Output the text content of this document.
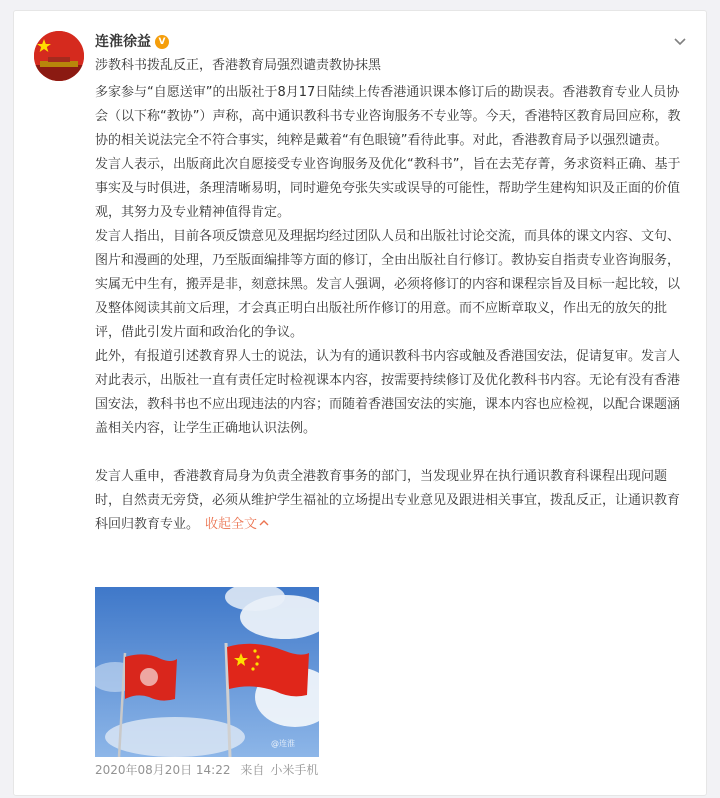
连淮徐益 V
涉教科书拨乱反正，香港教育局强烈谴责教协抹黑

多家参与“自愿送审”的出版社于8月17日陆续上传香港通识课本修订后的勘误表。香港教育专业人员协会（以下称“教协”）声称，高中通识教科书专业咨询服务不专业等。今天，香港特区教育局回应称，教协的相关说法完全不符合事实，纯粹是戴着“有色眼镜”看待此事。对此，香港教育局予以强烈谴责。

发言人表示，出版商此次自愿接受专业咨询服务及优化“教科书”，旨在去芜存菁，务求资料正确、基于事实及与时俱进，条理清晰易明，同时避免夸张失实或误导的可能性，帮助学生建构知识及正面的价值观，其努力及专业精神值得肯定。

发言人指出，目前各项反馈意见及理据均经过团队人员和出版社讨论交流，而具体的课文内容、文句、图片和漫画的处理，乃至版面编排等方面的修订，全由出版社自行修订。教协妄自指责专业咨询服务，实属无中生有，搬弄是非，刻意抹黑。发言人强调，必须将修订的内容和课程宗旨及目标一起比较，以及整体阅读其前文后理，才会真正明白出版社所作修订的用意。而不应断章取义，作出无的放矢的批评，借此引发片面和政治化的争议。

此外，有报道引述教育界人士的说法，认为有的通识教科书内容或触及香港国安法，促请复审。发言人对此表示，出版社一直有责任定时检视课本内容，按需要持续修订及优化教科书内容。无论有没有香港国安法，教科书也不应出现违法的内容；而随着香港国安法的实施，课本内容也应检视，以配合课题涵盖相关内容，让学生正确地认识法例。

发言人重申，香港教育局身为负责全港教育事务的部门，当发现业界在执行通识教育科课程出现问题时，自然责无旁贷，必须从维护学生福祉的立场提出专业意见及跟进相关事宜，拨乱反正，让通识教育科回归教育专业。 收起全文

@连淮
2020年08月20日 14:22 来自 小米手机
